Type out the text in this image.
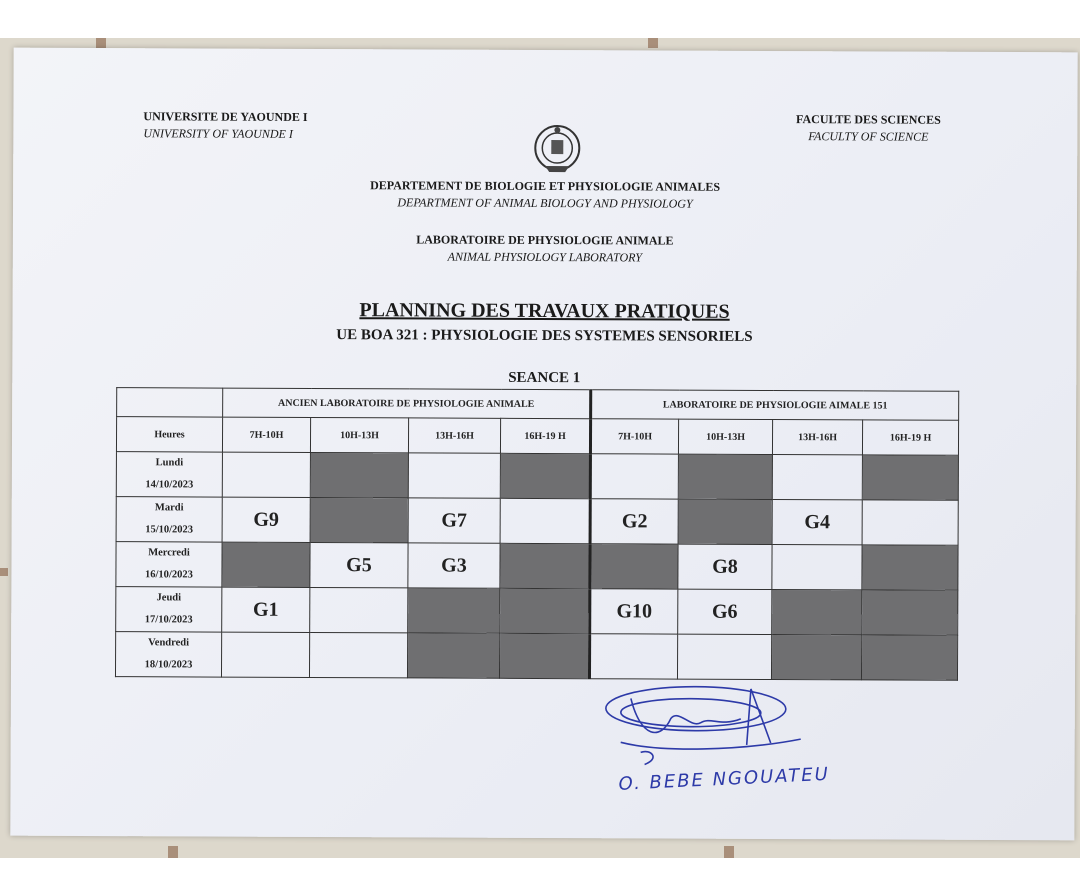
UNIVERSITE DE YAOUNDE I
UNIVERSITY OF YAOUNDE I
FACULTE DES SCIENCES
FACULTY OF SCIENCE
DEPARTEMENT DE BIOLOGIE ET PHYSIOLOGIE ANIMALES
DEPARTMENT OF ANIMAL BIOLOGY AND PHYSIOLOGY
LABORATOIRE DE PHYSIOLOGIE ANIMALE
ANIMAL PHYSIOLOGY LABORATORY
PLANNING DES TRAVAUX PRATIQUES
UE BOA 321 : PHYSIOLOGIE DES SYSTEMES SENSORIELS
SEANCE 1
	ANCIEN LABORATOIRE DE PHYSIOLOGIE ANIMALE				LABORATOIRE DE PHYSIOLOGIE AIMALE 151			
Heures	7H-10H	10H-13H	13H-16H	16H-19 H	7H-10H	10H-13H	13H-16H	16H-19 H

Lundi
14/10/2023								

Mardi
15/10/2023	G9		G7		G2		G4	

Mercredi
16/10/2023		G5	G3			G8		

Jeudi
17/10/2023	G1				G10	G6		

Vendredi
18/10/2023								

O. BEBE NGOUATEU
